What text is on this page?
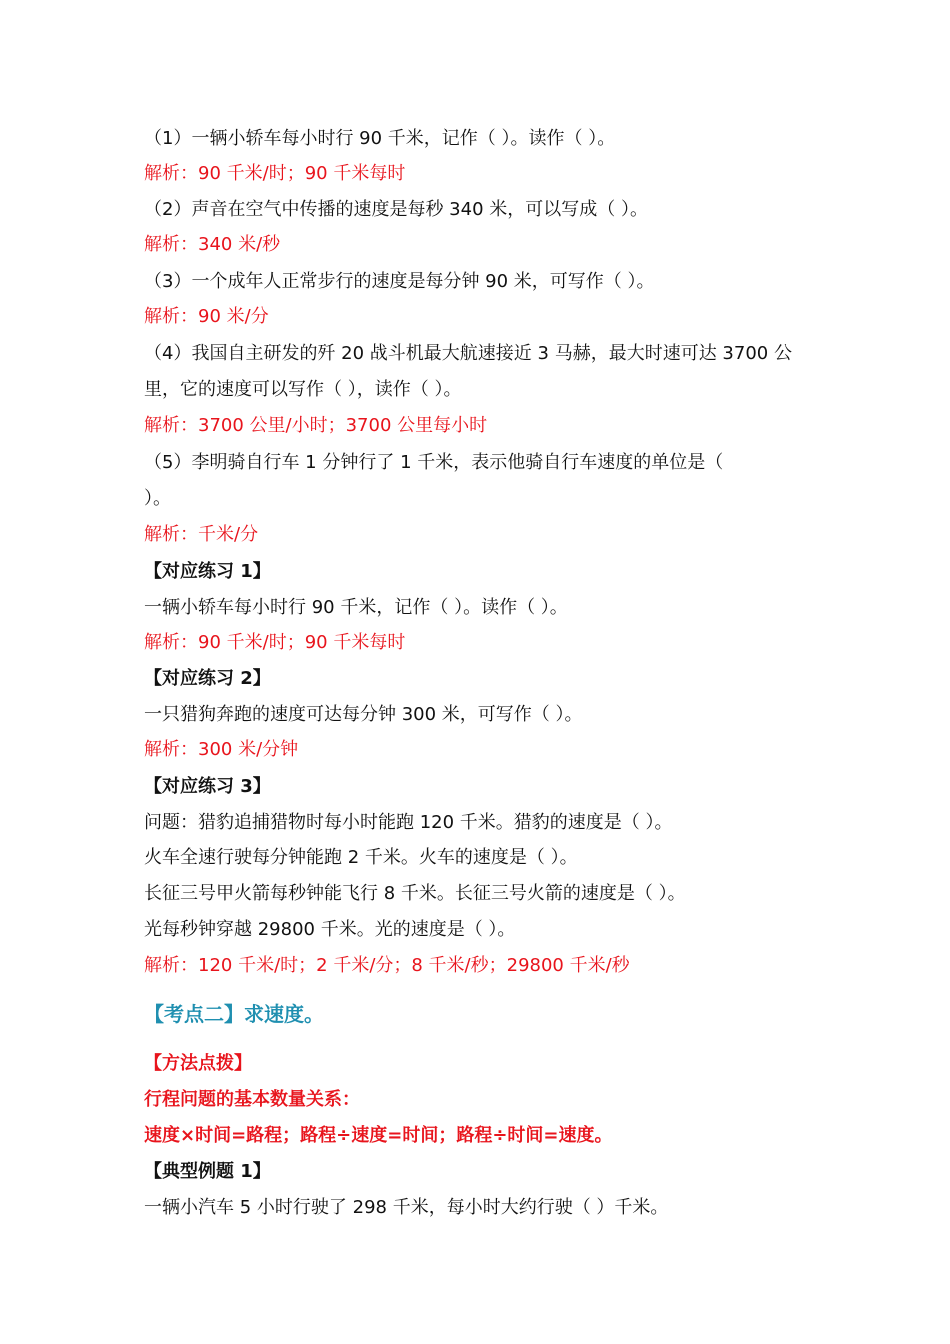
（1）一辆小轿车每小时行 90 千米，记作（ ）。读作（ ）。
解析：90 千米/时；90 千米每时
（2）声音在空气中传播的速度是每秒 340 米，可以写成（ ）。
解析：340 米/秒
（3）一个成年人正常步行的速度是每分钟 90 米，可写作（ ）。
解析：90 米/分
（4）我国自主研发的歼 20 战斗机最大航速接近 3 马赫，最大时速可达 3700 公
里，它的速度可以写作（ ），读作（ ）。
解析：3700 公里/小时；3700 公里每小时
（5）李明骑自行车 1 分钟行了 1 千米，表示他骑自行车速度的单位是（
）。
解析：千米/分
【对应练习 1】
一辆小轿车每小时行 90 千米，记作（ ）。读作（ ）。
解析：90 千米/时；90 千米每时
【对应练习 2】
一只猎狗奔跑的速度可达每分钟 300 米，可写作（ ）。
解析：300 米/分钟
【对应练习 3】
问题：猎豹追捕猎物时每小时能跑 120 千米。猎豹的速度是（ ）。
火车全速行驶每分钟能跑 2 千米。火车的速度是（ ）。
长征三号甲火箭每秒钟能飞行 8 千米。长征三号火箭的速度是（ ）。
光每秒钟穿越 29800 千米。光的速度是（ ）。
解析：120 千米/时；2 千米/分；8 千米/秒；29800 千米/秒
【考点二】求速度。
【方法点拨】
行程问题的基本数量关系：
速度×时间=路程；路程÷速度=时间；路程÷时间=速度。
【典型例题 1】
一辆小汽车 5 小时行驶了 298 千米，每小时大约行驶（ ）千米。
